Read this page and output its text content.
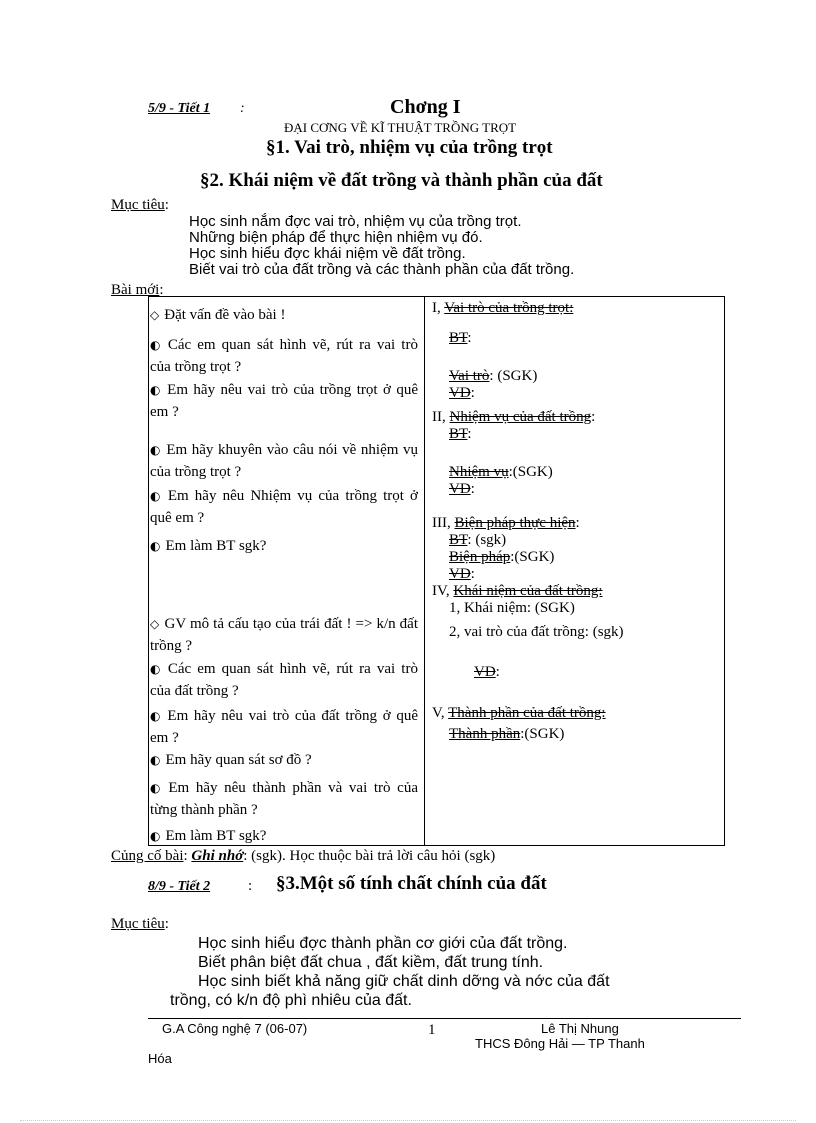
5/9 - Tiết 1 :	Chơng I
ĐẠI CƠNG VỀ KĨ THUẬT TRỒNG TRỌT
§1. Vai trò, nhiệm vụ của trồng trọt
§2. Khái niệm về đất trồng và thành phần của đất
Mục tiêu:
Học sinh nắm đợc vai trò, nhiệm vụ của trồng trọt.
Những biện pháp để thực hiện nhiệm vụ đó.
Học sinh hiểu đợc khái niệm về đất trồng.
Biết vai trò của đất trồng và các thành phần của đất trồng.
Bài mới:
◇ Đặt vấn đề vào bài !
◐ Các em quan sát hình vẽ, rút ra vai trò của trồng trọt ?
◐ Em hãy nêu vai trò của trồng trọt ở quê em ?
◐ Em hãy khuyên vào câu nói về nhiệm vụ của trồng trọt ?
◐ Em hãy nêu Nhiệm vụ của trồng trọt ở quê em ?
◐ Em làm BT sgk?
◇ GV mô tả cấu tạo của trái đất ! => k/n đất trồng ?
◐ Các em quan sát hình vẽ, rút ra vai trò của đất trồng ?
◐ Em hãy nêu vai trò của đất trồng ở quê em ?
◐ Em hãy quan sát sơ đồ ?
◐ Em hãy nêu thành phần và vai trò của từng thành phần ?
◐ Em làm BT sgk?
I, Vai trò của trồng trọt:
BT:
Vai trò: (SGK)
VD:
II, Nhiệm vụ của đất trồng:
BT:
Nhiệm vụ:(SGK)
VD:
III, Biện pháp thực hiện:
BT: (sgk)
Biện pháp:(SGK)
VD:
IV, Khái niệm của đất trồng:
1, Khái niệm: (SGK)
2, vai trò của đất trồng: (sgk)
VD:
V, Thành phần của đất trồng:
Thành phần:(SGK)
Củng cố bài: Ghi nhớ: (sgk). Học thuộc bài trả lời câu hỏi (sgk)
8/9 - Tiết 2	: §3.Một số tính chất chính của đất
Mục tiêu:
Học sinh hiểu đợc thành phần cơ giới của đất trồng.
Biết phân biệt đất chua , đất kiềm, đất trung tính.
Học sinh biết khả năng giữ chất dinh dỡng và nớc của đất
trồng, có k/n độ phì nhiêu của đất.
G.A Công nghệ 7 (06-07)	1	Lê Thị Nhung
THCS Đông Hải — TP Thanh
Hóa
